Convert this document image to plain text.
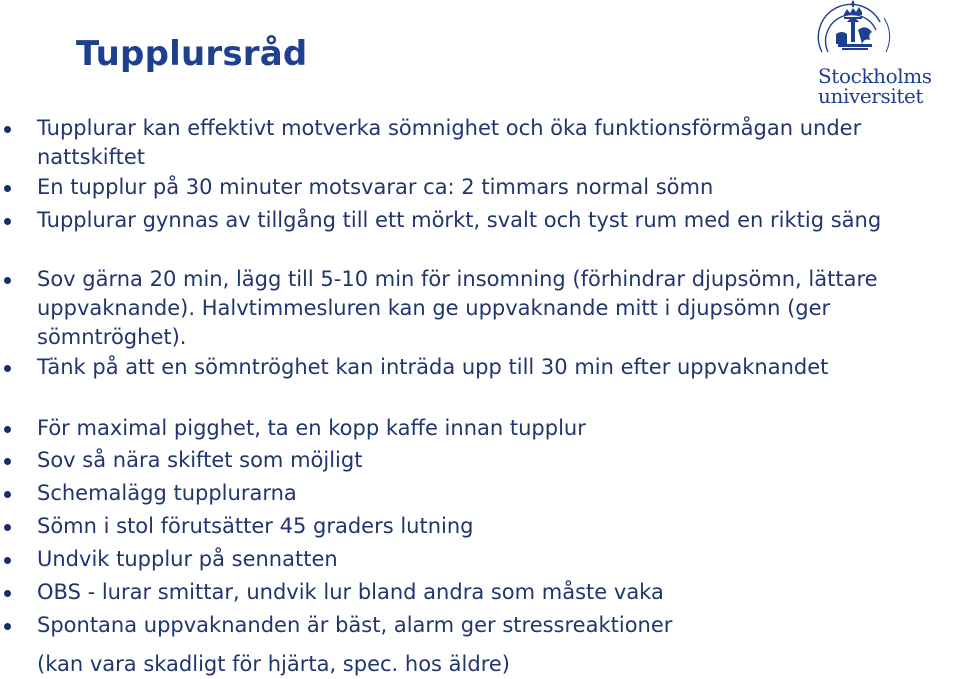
Tupplursråd
Stockholms
universitet
Tupplurar kan effektivt motverka sömnighet och öka funktionsförmågan under nattskiftet
En tupplur på 30 minuter motsvarar ca: 2 timmars normal sömn
Tupplurar gynnas av tillgång till ett mörkt, svalt och tyst rum med en riktig säng
Sov gärna 20 min, lägg till 5-10 min för insomning (förhindrar djupsömn, lättare uppvaknande). Halvtimmesluren kan ge uppvaknande mitt i djupsömn (ger sömntröghet).
Tänk på att en sömntröghet kan inträda upp till 30 min efter uppvaknandet
För maximal pigghet, ta en kopp kaffe innan tupplur
Sov så nära skiftet som möjligt
Schemalägg tupplurarna
Sömn i stol förutsätter 45 graders lutning
Undvik tupplur på sennatten
OBS - lurar smittar, undvik lur bland andra som måste vaka
Spontana uppvaknanden är bäst, alarm ger stressreaktioner
(kan vara skadligt för hjärta, spec. hos äldre)
